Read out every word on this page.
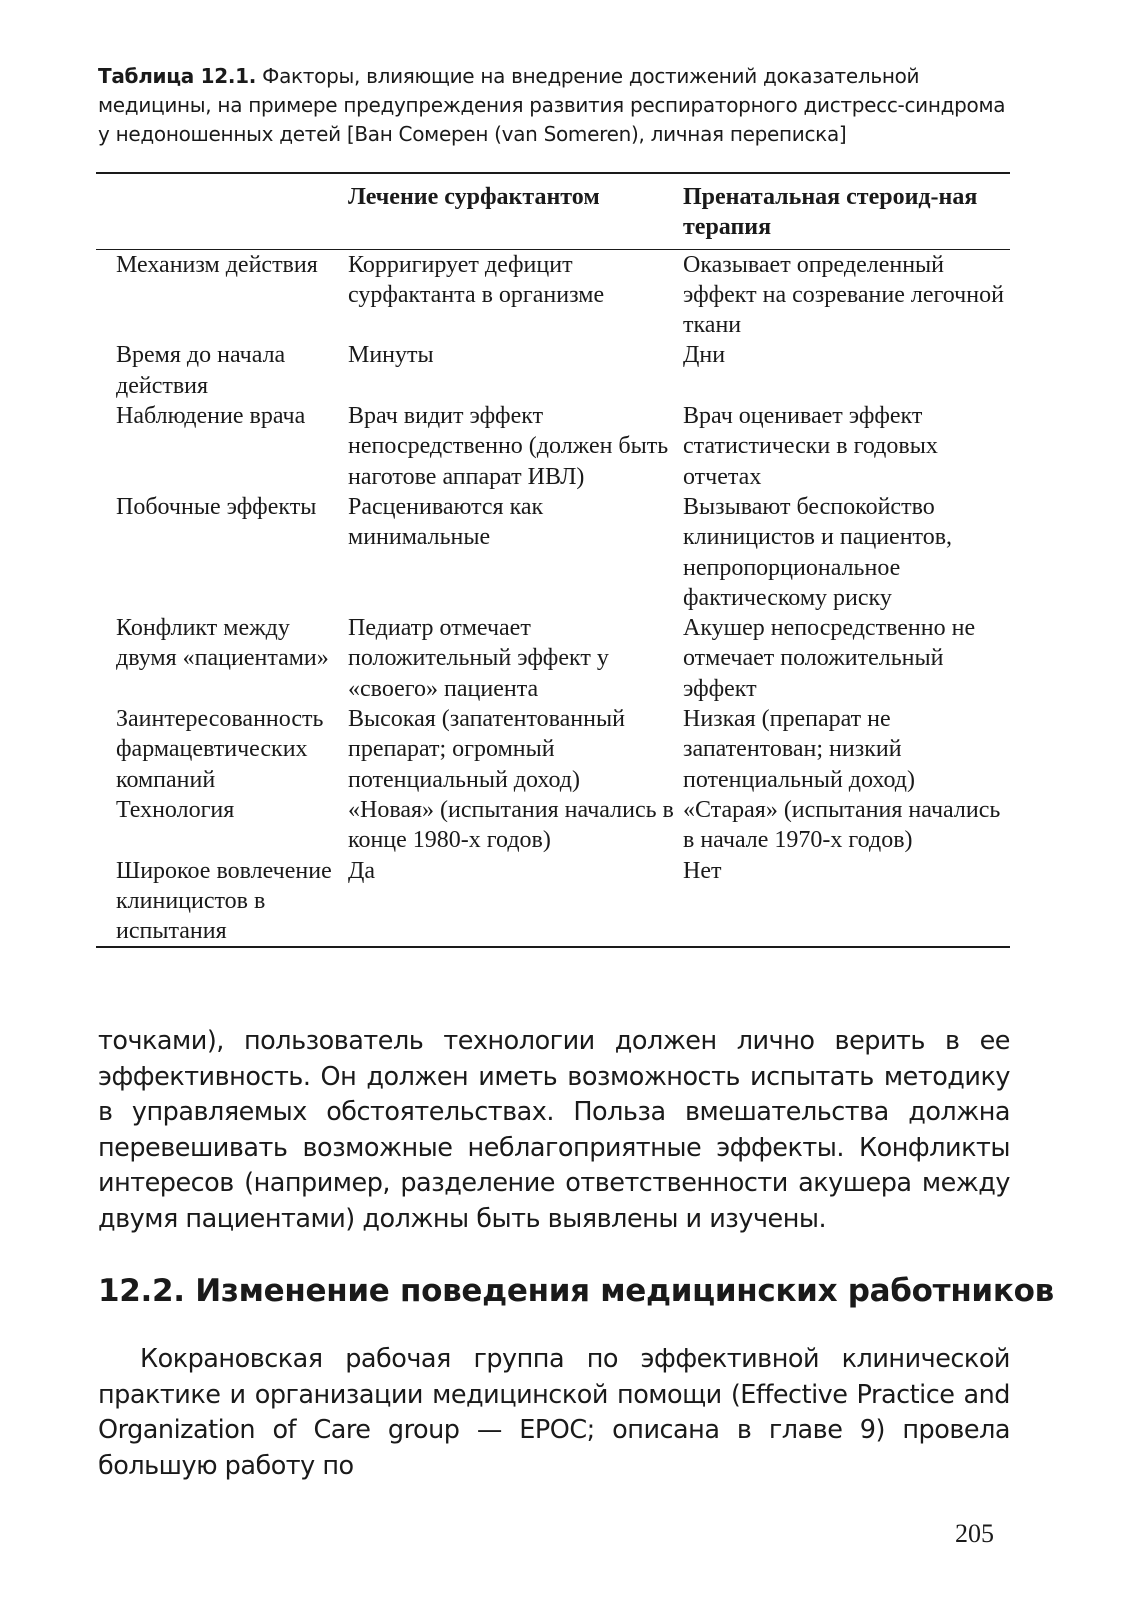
Таблица 12.1. Факторы, влияющие на внедрение достижений доказательной медицины, на примере предупреждения развития респираторного дистресс-синдрома у недоношенных детей [Ван Сомерен (van Someren), личная переписка]
	Лечение сурфактантом	Пренатальная стероид-ная терапия

Механизм действия	Корригирует дефицит сурфактанта в организме	Оказывает определенный эффект на созревание легочной ткани
Время до начала действия	Минуты	Дни
Наблюдение врача	Врач видит эффект непосредственно (должен быть наготове аппарат ИВЛ)	Врач оценивает эффект статистически в годовых отчетах
Побочные эффекты	Расцениваются как минимальные	Вызывают беспокойство клиницистов и пациентов, непропорциональное фактическому риску
Конфликт между двумя «пациентами»	Педиатр отмечает положительный эффект у «своего» пациента	Акушер непосредственно не отмечает положительный эффект
Заинтересованность фармацевтических компаний	Высокая (запатентованный препарат; огромный потенциальный доход)	Низкая (препарат не запатентован; низкий потенциальный доход)
Технология	«Новая» (испытания начались в конце 1980-х годов)	«Старая» (испытания начались в начале 1970-х годов)
Широкое вовлечение клиницистов в испытания	Да	Нет
точками), пользователь технологии должен лично верить в ее эффективность. Он должен иметь возможность испытать методику в управляемых обстоятельствах. Польза вмешательства должна перевешивать возможные неблагоприятные эффекты. Конфликты интересов (например, разделение ответственности акушера между двумя пациентами) должны быть выявлены и изучены.
12.2. Изменение поведения медицинских работников
Кокрановская рабочая группа по эффективной клинической практике и организации медицинской помощи (Effective Practice and Organization of Care group — EPOC; описана в главе 9) провела большую работу по
205
